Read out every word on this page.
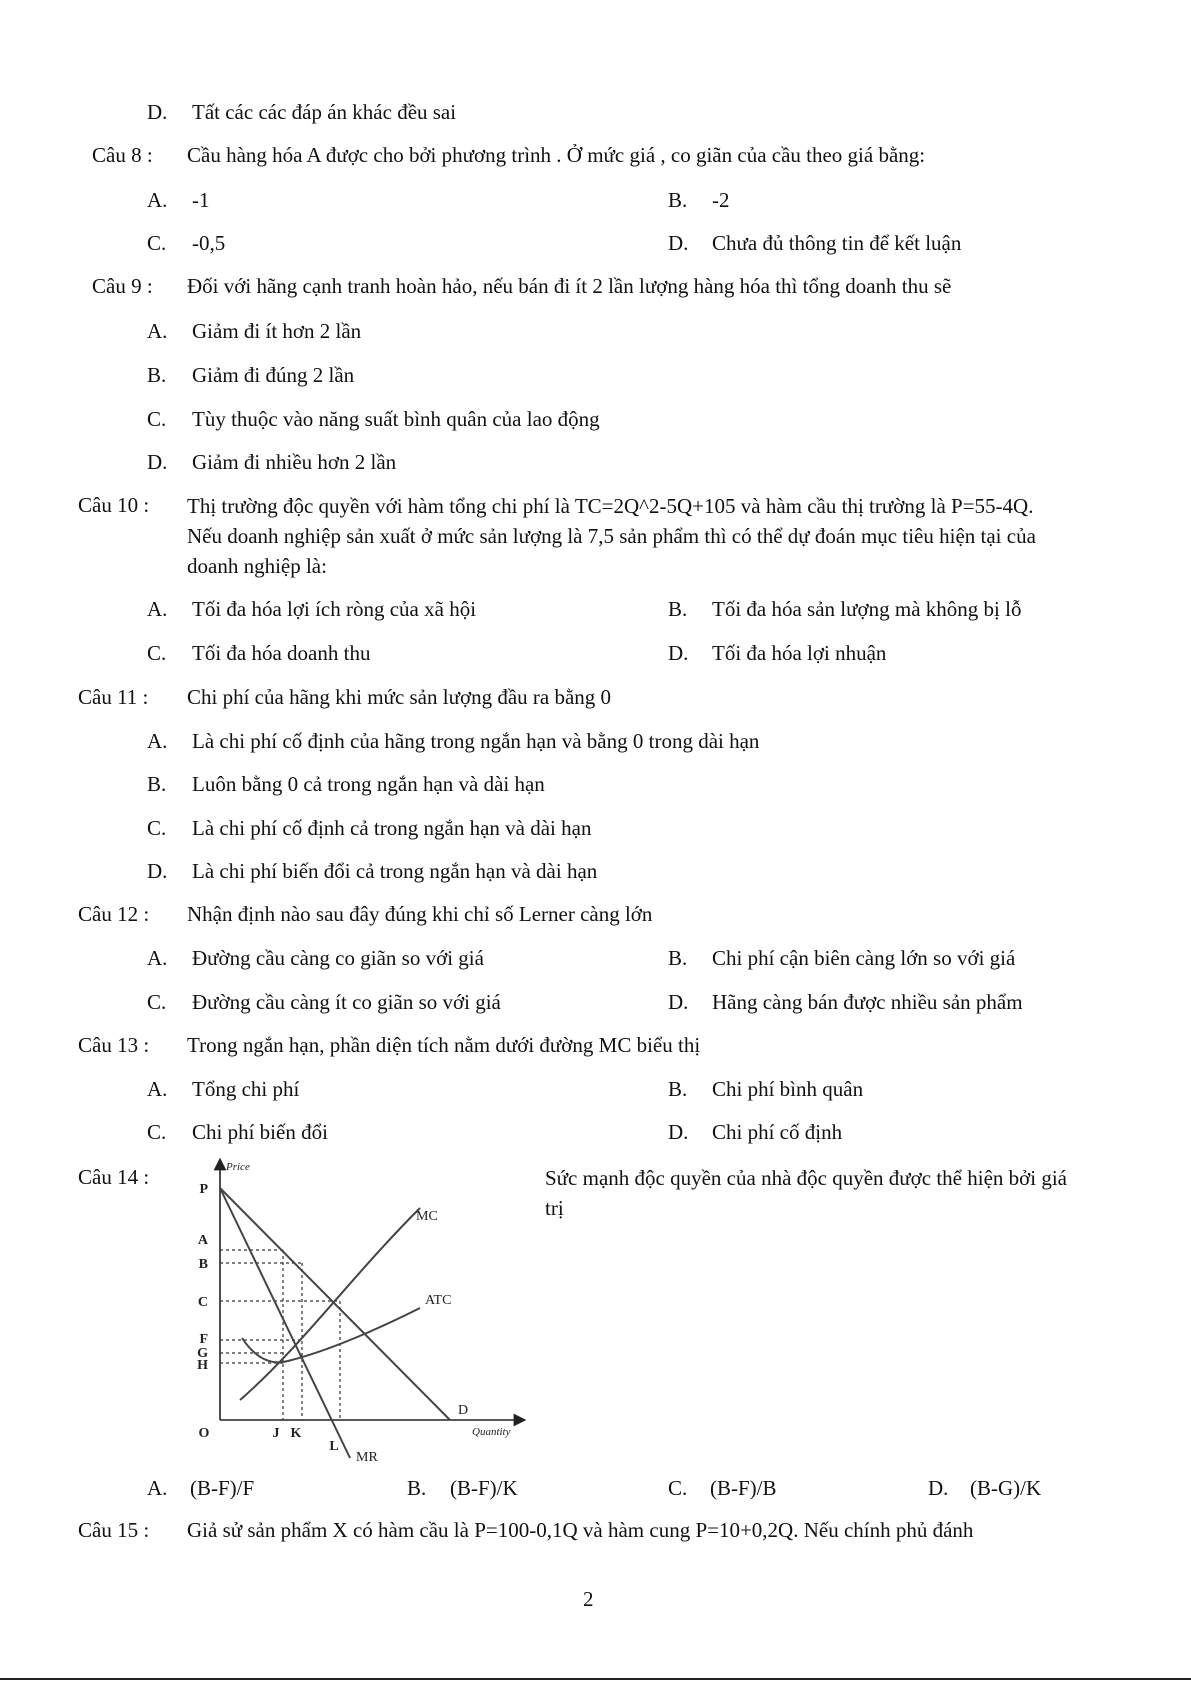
D. Tất các các đáp án khác đều sai
Câu 8 : Cầu hàng hóa A được cho bởi phương trình . Ở mức giá , co giãn của cầu theo giá bằng:
A. -1	B. -2
C. -0,5	D. Chưa đủ thông tin để kết luận
Câu 9 : Đối với hãng cạnh tranh hoàn hảo, nếu bán đi ít 2 lần lượng hàng hóa thì tổng doanh thu sẽ
A. Giảm đi ít hơn 2 lần
B. Giảm đi đúng 2 lần
C. Tùy thuộc vào năng suất bình quân của lao động
D. Giảm đi nhiều hơn 2 lần
Câu 10 : Thị trường độc quyền với hàm tổng chi phí là TC=2Q^2-5Q+105 và hàm cầu thị trường là P=55-4Q. Nếu doanh nghiệp sản xuất ở mức sản lượng là 7,5 sản phẩm thì có thể dự đoán mục tiêu hiện tại của doanh nghiệp là:
A. Tối đa hóa lợi ích ròng của xã hội	B. Tối đa hóa sản lượng mà không bị lỗ
C. Tối đa hóa doanh thu	D. Tối đa hóa lợi nhuận
Câu 11 : Chi phí của hãng khi mức sản lượng đầu ra bằng 0
A. Là chi phí cố định của hãng trong ngắn hạn và bằng 0 trong dài hạn
B. Luôn bằng 0 cả trong ngắn hạn và dài hạn
C. Là chi phí cố định cả trong ngắn hạn và dài hạn
D. Là chi phí biến đổi cả trong ngắn hạn và dài hạn
Câu 12 : Nhận định nào sau đây đúng khi chỉ số Lerner càng lớn
A. Đường cầu càng co giãn so với giá	B. Chi phí cận biên càng lớn so với giá
C. Đường cầu càng ít co giãn so với giá	D. Hãng càng bán được nhiều sản phẩm
Câu 13 : Trong ngắn hạn, phần diện tích nằm dưới đường MC biểu thị
A. Tổng chi phí	B. Chi phí bình quân
C. Chi phí biến đổi	D. Chi phí cố định
Câu 14 :	Sức mạnh độc quyền của nhà độc quyền được thể hiện bởi giá trị
Price
Quantity
MC
ATC
D
MR
P
A
B
C
F
G
H
O	J K
L
A. (B-F)/F	B. (B-F)/K	C. (B-F)/B	D. (B-G)/K
Câu 15 : Giả sử sản phẩm X có hàm cầu là P=100-0,1Q và hàm cung P=10+0,2Q. Nếu chính phủ đánh
2
